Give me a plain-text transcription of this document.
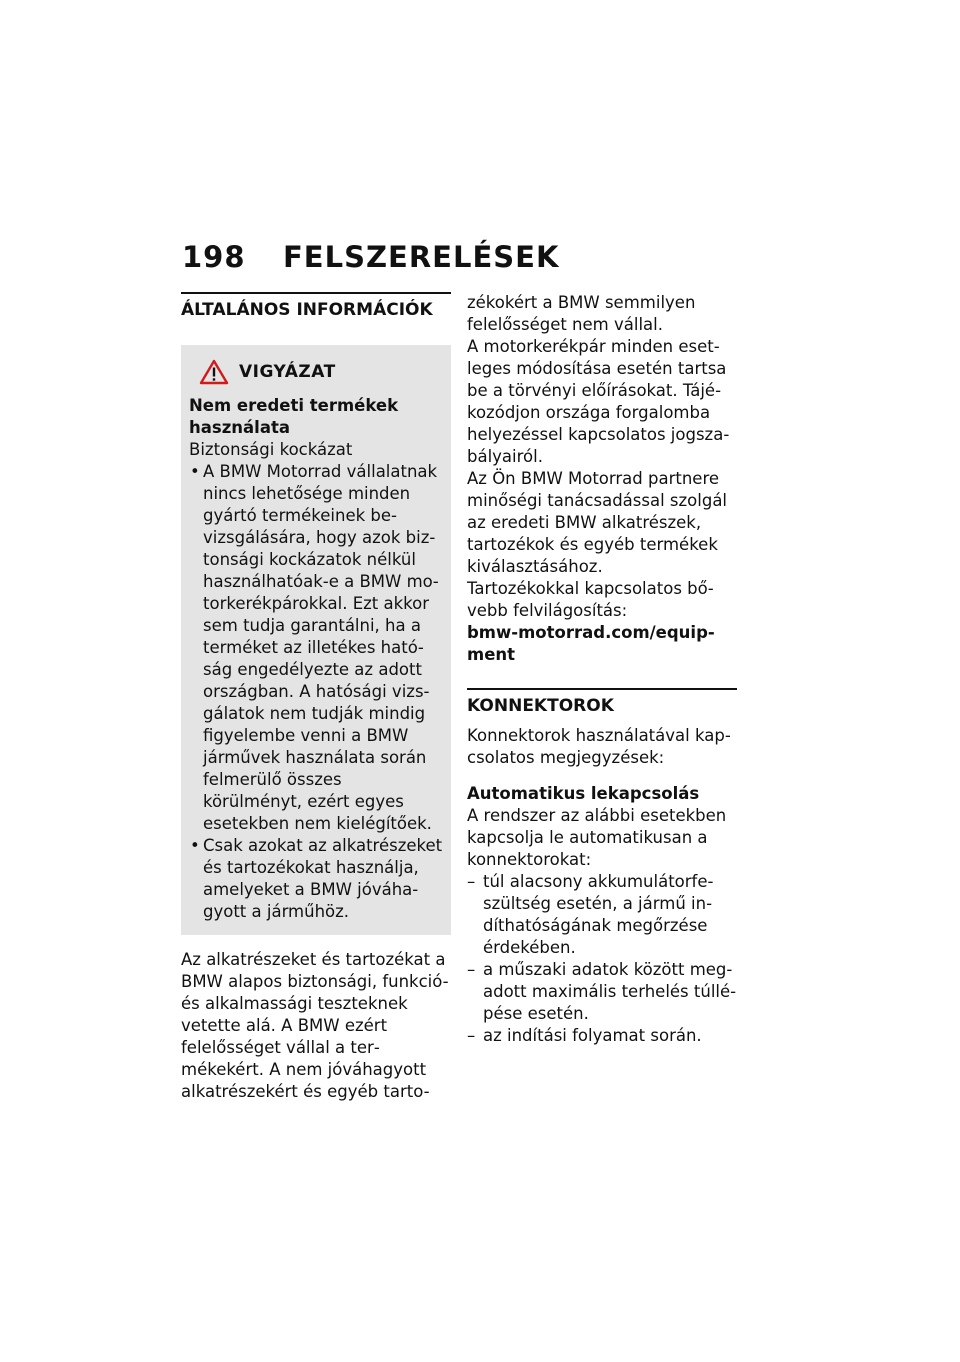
198 FELSZERELÉSEK
ÁLTALÁNOS INFORMÁCIÓK
VIGYÁZAT

Nem eredeti termékek használata

Biztonsági kockázat

• A BMW Motorrad vállalatnak nincs lehetősége minden gyártó termékeinek bevizsgálására, hogy azok biztonsági kockázatok nélkül használhatóak-e a BMW motorkerékpárokkal. Ezt akkor sem tudja garantálni, ha a terméket az illetékes hatóság engedélyezte az adott országban. A hatósági vizsgálatok nem tudják mindig figyelembe venni a BMW járművek használata során felmerülő összes körülményt, ezért egyes esetekben nem kielégítőek.
• Csak azokat az alkatrészeket és tartozékokat használja, amelyeket a BMW jóváhagyott a járműhöz.

Az alkatrészeket és tartozékat a BMW alapos biztonsági, funkció- és alkalmassági teszteknek vetette alá. A BMW ezért felelősséget vállal a termékekért. A nem jóváhagyott alkatrészekért és egyéb tarto-

zékokért a BMW semmilyen felelősséget nem vállal.

A motorkerékpár minden esetleges módosítása esetén tartsa be a törvényi előírásokat. Tájékozódjon országa forgalomba helyezéssel kapcsolatos jogszabályairól.

Az Ön BMW Motorrad partnere minőségi tanácsadással szolgál az eredeti BMW alkatrészek, tartozékok és egyéb termékek kiválasztásához.

Tartozékokkal kapcsolatos bővebb felvilágosítás:

bmw-motorrad.com/equipment

KONNEKTOROK

Konnektorok használatával kapcsolatos megjegyzések:

Automatikus lekapcsolás

A rendszer az alábbi esetekben kapcsolja le automatikusan a konnektorokat:

– túl alacsony akkumulátorfeszültség esetén, a jármű indíthatóságának megőrzése érdekében.
– a műszaki adatok között megadott maximális terhelés túllépése esetén.
– az indítási folyamat során.
